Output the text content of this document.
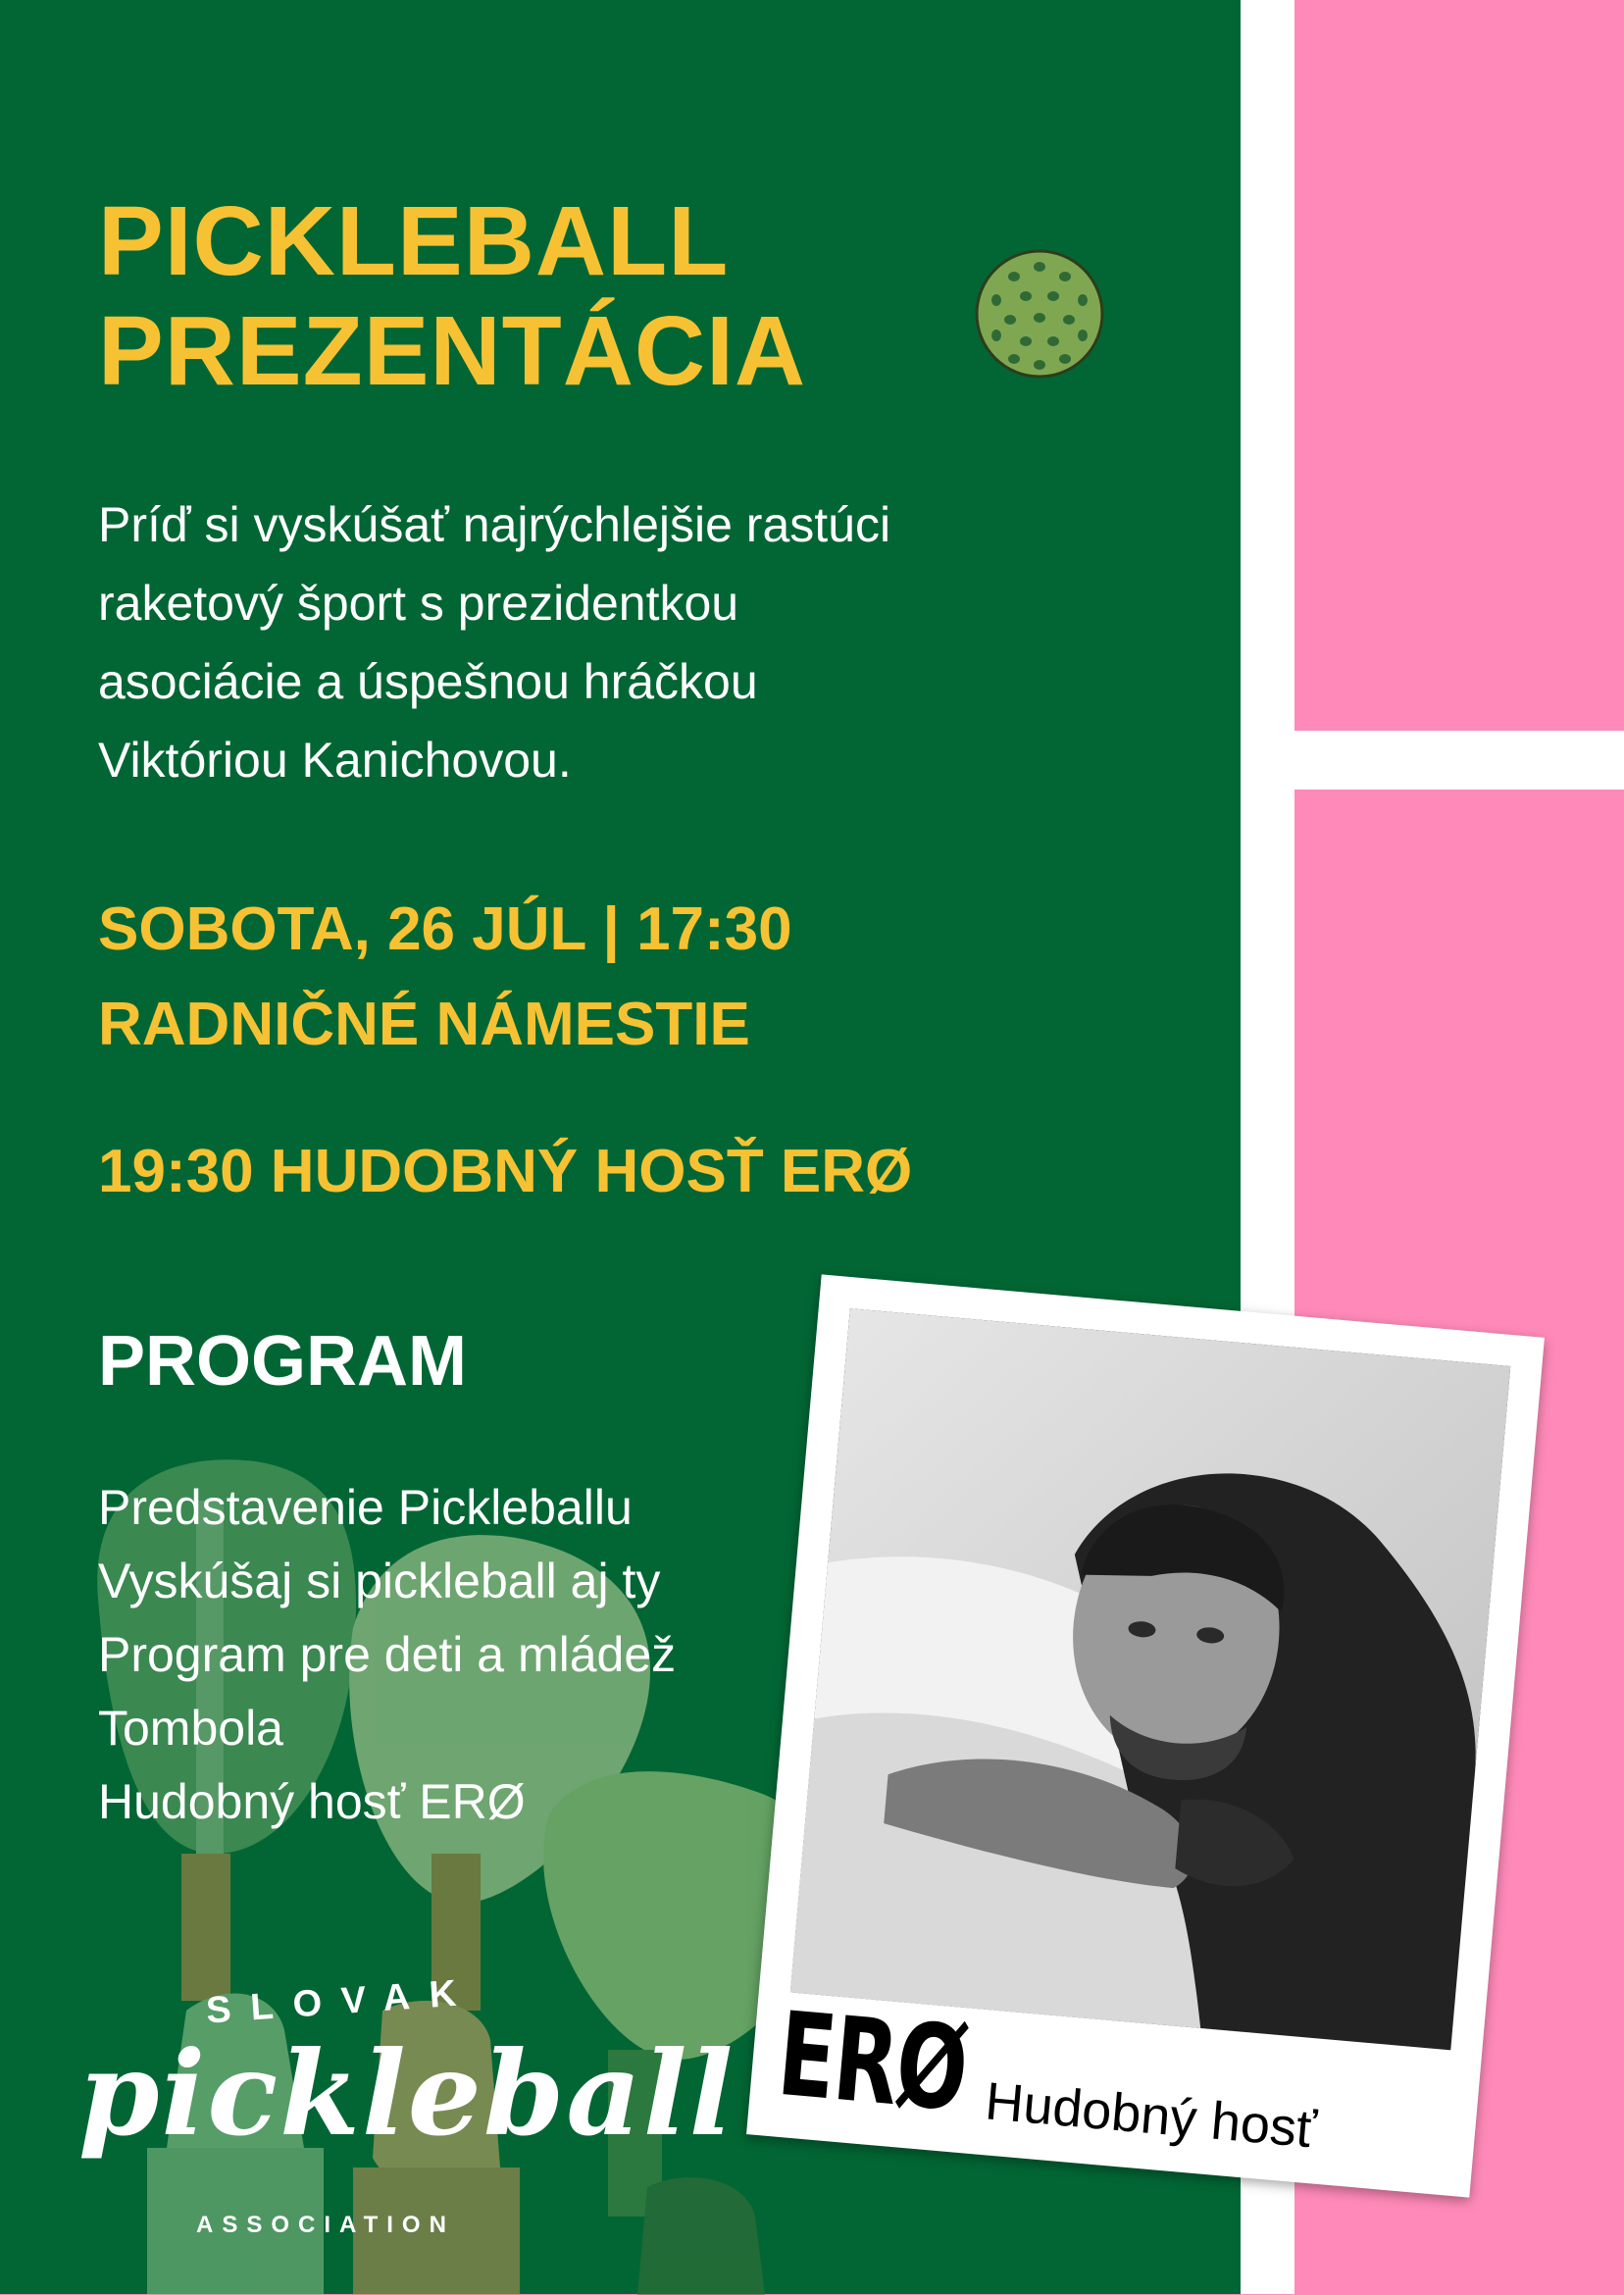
PICKLEBALL
PREZENTÁCIA
Príď si vyskúšať najrýchlejšie rastúci
raketový šport s prezidentkou
asociácie a úspešnou hráčkou
Viktóriou Kanichovou.

SOBOTA, 26 JÚL | 17:30

RADNIČNÉ NÁMESTIE

19:30 HUDOBNÝ HOSŤ ERØ

PROGRAM
Predstavenie Pickleballu
Vyskúšaj si pickleball aj ty
Program pre deti a mládež
Tombola
Hudobný hosť ERØ

SLOVAK

pickleball

ASSOCIATION

ERØ Hudobný hosť
